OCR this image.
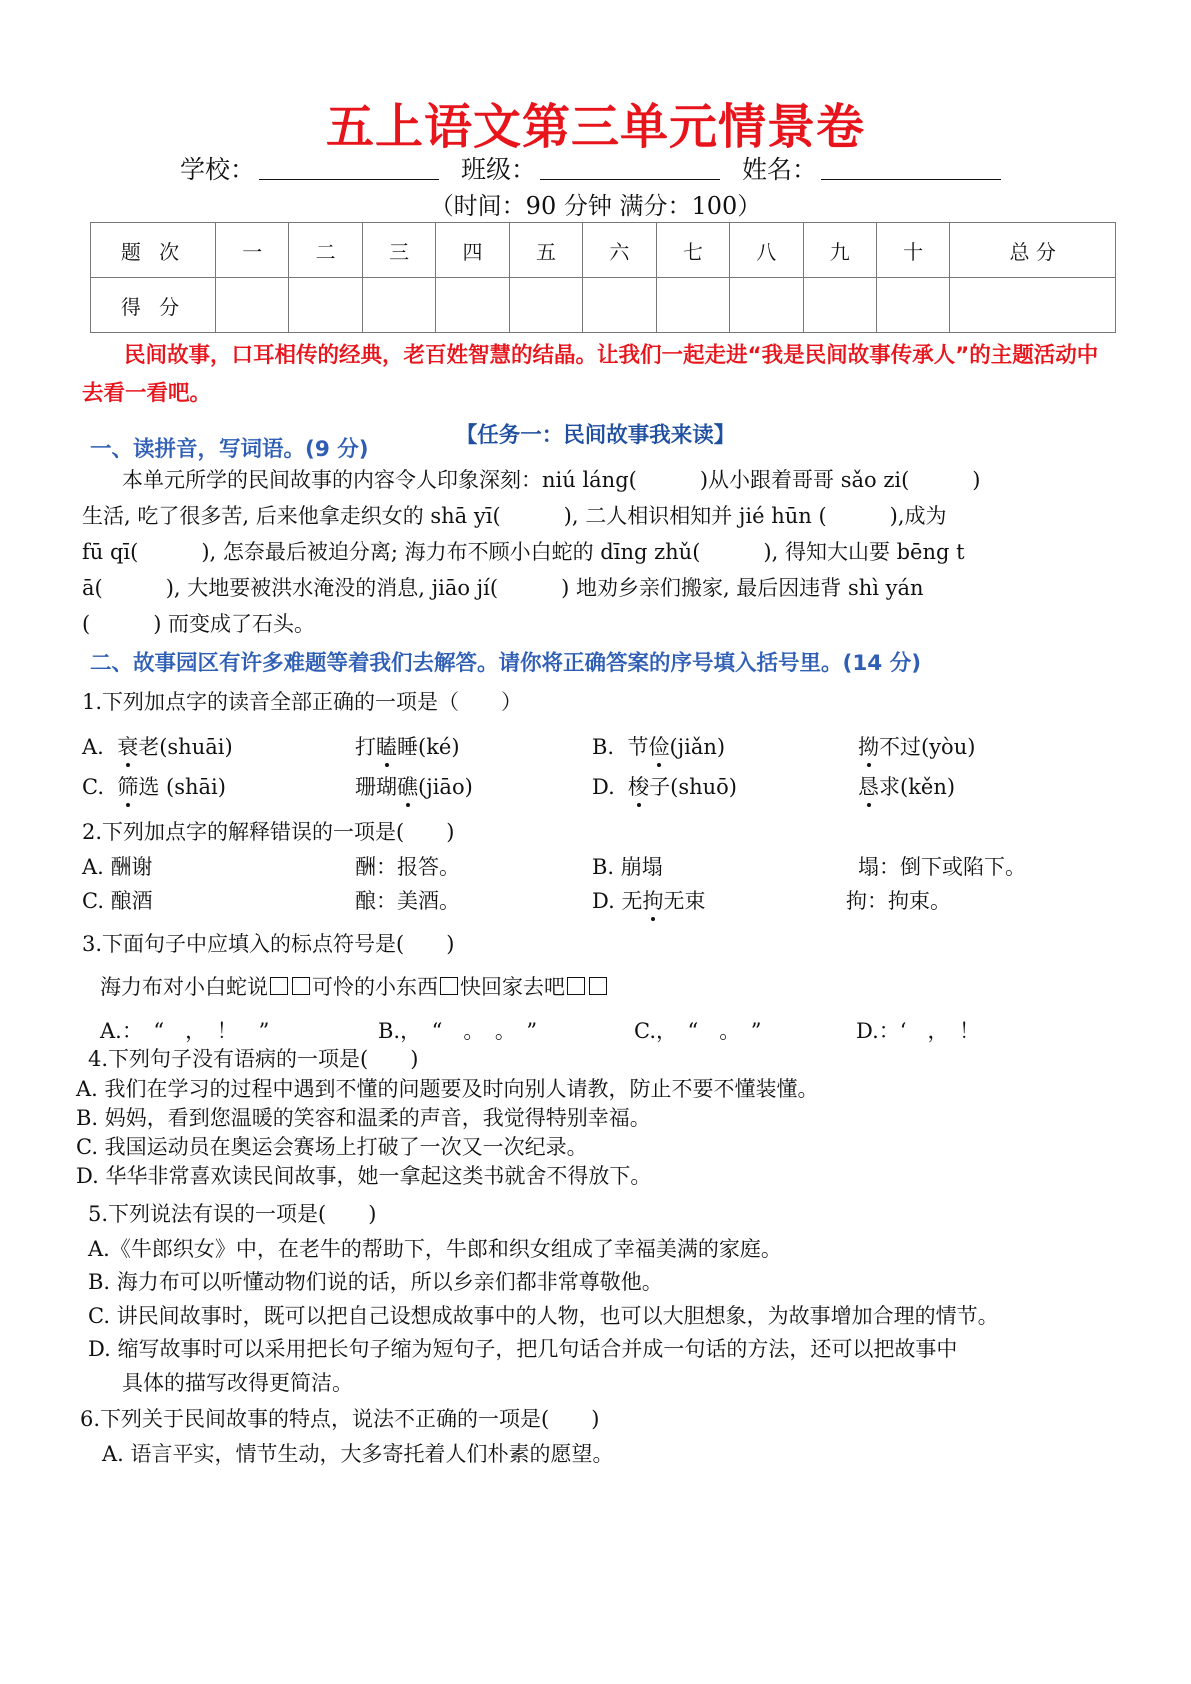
五上语文第三单元情景卷
学校：	班级：	姓名：
（时间：90 分钟 满分：100）
题 次	一	二	三	四	五	六	七	八	九	十	总 分
得 分											
民间故事，口耳相传的经典，老百姓智慧的结晶。让我们一起走进“我是民间故事传承人”的主题活动中去看一看吧。
【任务一：民间故事我来读】
一、读拼音，写词语。(9 分)
本单元所学的民间故事的内容令人印象深刻：niú láng(　　　)从小跟着哥哥 sǎo zi(　　　)
生活, 吃了很多苦, 后来他拿走织女的 shā yī(　　　), 二人相识相知并 jié hūn (　　　),成为
fū qī(　　　), 怎奈最后被迫分离; 海力布不顾小白蛇的 dīng zhǔ(　　　), 得知大山要 bēng t
ā(　　　), 大地要被洪水淹没的消息, jiāo jí(　　　) 地劝乡亲们搬家, 最后因违背 shì yán
(　　　) 而变成了石头。
二、故事园区有许多难题等着我们去解答。请你将正确答案的序号填入括号里。(14 分)
1.下列加点字的读音全部正确的一项是（　　）
A. 衰老(shuāi)	打瞌睡(ké)	B. 节俭(jiǎn)	拗不过(yòu)
C. 筛选 (shāi)	珊瑚礁(jiāo)	D. 梭子(shuō)	恳求(kěn)
2.下列加点字的解释错误的一项是(　　)
A. 酬谢	酬：报答。	B. 崩塌	塌：倒下或陷下。
C. 酿酒	酿：美酒。	D. 无拘无束	拘：拘束。
3.下面句子中应填入的标点符号是(　　)
海力布对小白蛇说 可怜的小东西 快回家去吧
A.：　“　，　！　”	B.，　“　。　。　”	C.，　“　。　”	D.：‘　，　！
4.下列句子没有语病的一项是(　　)
A. 我们在学习的过程中遇到不懂的问题要及时向别人请教，防止不要不懂装懂。
B. 妈妈，看到您温暖的笑容和温柔的声音，我觉得特别幸福。
C. 我国运动员在奥运会赛场上打破了一次又一次纪录。
D. 华华非常喜欢读民间故事，她一拿起这类书就舍不得放下。
5.下列说法有误的一项是(　　)
A.《牛郎织女》中，在老牛的帮助下，牛郎和织女组成了幸福美满的家庭。
B. 海力布可以听懂动物们说的话，所以乡亲们都非常尊敬他。
C. 讲民间故事时，既可以把自己设想成故事中的人物，也可以大胆想象，为故事增加合理的情节。
D. 缩写故事时可以采用把长句子缩为短句子，把几句话合并成一句话的方法，还可以把故事中
具体的描写改得更简洁。
6.下列关于民间故事的特点，说法不正确的一项是(　　)
A. 语言平实，情节生动，大多寄托着人们朴素的愿望。
